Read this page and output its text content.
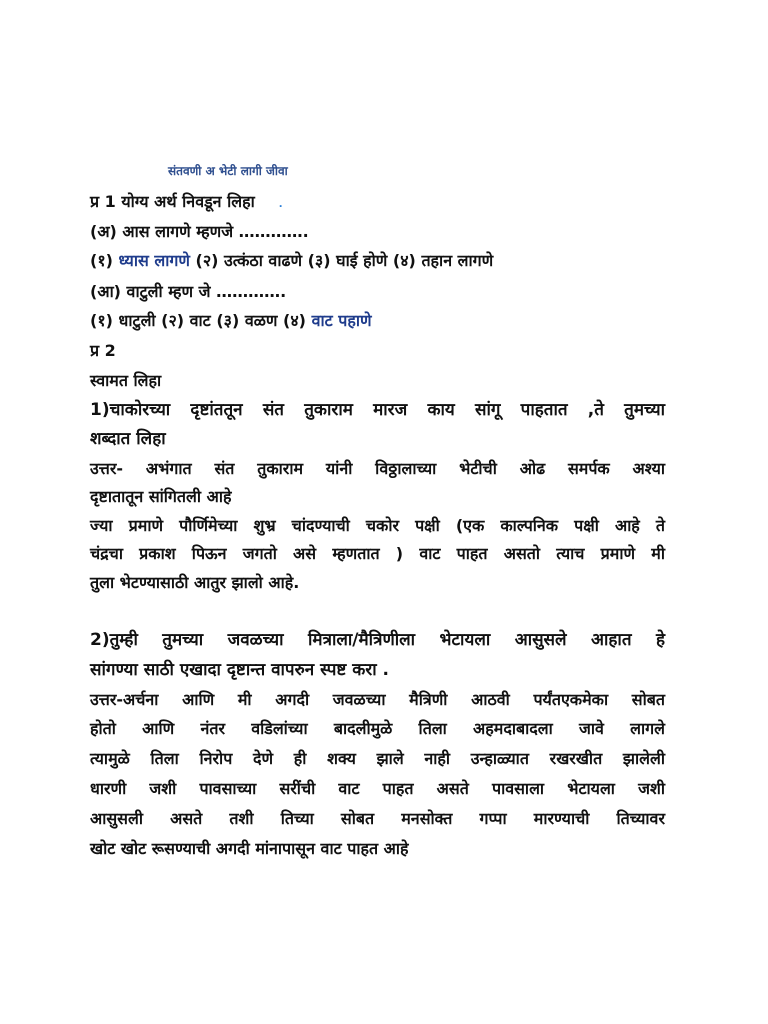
संतवणी अ भेटी लागी जीवा
प्र 1 योग्य अर्थ निवडून लिहा .
(अ) आस लागणे म्हणजे ………….
(१) ध्यास लागणे (२) उत्कंठा वाढणे (३) घाई होणे (४) तहान लागणे
(आ) वाटुली म्हण जे ………….
(१) धाटुली (२) वाट (३) वळण (४) वाट पहाणे
प्र 2
स्वामत लिहा
1)चाकोरच्या दृष्टांततून संत तुकाराम मारज काय सांगू पाहतात ,ते तुमच्या
शब्दात लिहा
उत्तर- अभंगात संत तुकाराम यांनी विठ्ठालाच्या भेटीची ओढ समर्पक अश्या
दृष्टातातून सांगितली आहे
ज्या प्रमाणे पौर्णिमेच्या शुभ्र चांदण्याची चकोर पक्षी (एक काल्पनिक पक्षी आहे ते
चंद्रचा प्रकाश पिऊन जगतो असे म्हणतात ) वाट पाहत असतो त्याच प्रमाणे मी
तुला भेटण्यासाठी आतुर झालो आहे.
2)तुम्ही तुमच्या जवळच्या मित्राला/मैत्रिणीला भेटायला आसुसले आहात हे
सांगण्या साठी एखादा दृष्टान्त वापरुन स्पष्ट करा .
उत्तर-अर्चना आणि मी अगदी जवळच्या मैत्रिणी आठवी पर्यंतएकमेका सोबत
होतो आणि नंतर वडिलांच्या बादलीमुळे तिला अहमदाबादला जावे लागले
त्यामुळे तिला निरोप देणे ही शक्य झाले नाही उन्हाळ्यात रखरखीत झालेली
धारणी जशी पावसाच्या सरींची वाट पाहत असते पावसाला भेटायला जशी
आसुसली असते तशी तिच्या सोबत मनसोक्त गप्पा मारण्याची तिच्यावर
खोट खोट रूसण्याची अगदी मांनापासून वाट पाहत आहे
